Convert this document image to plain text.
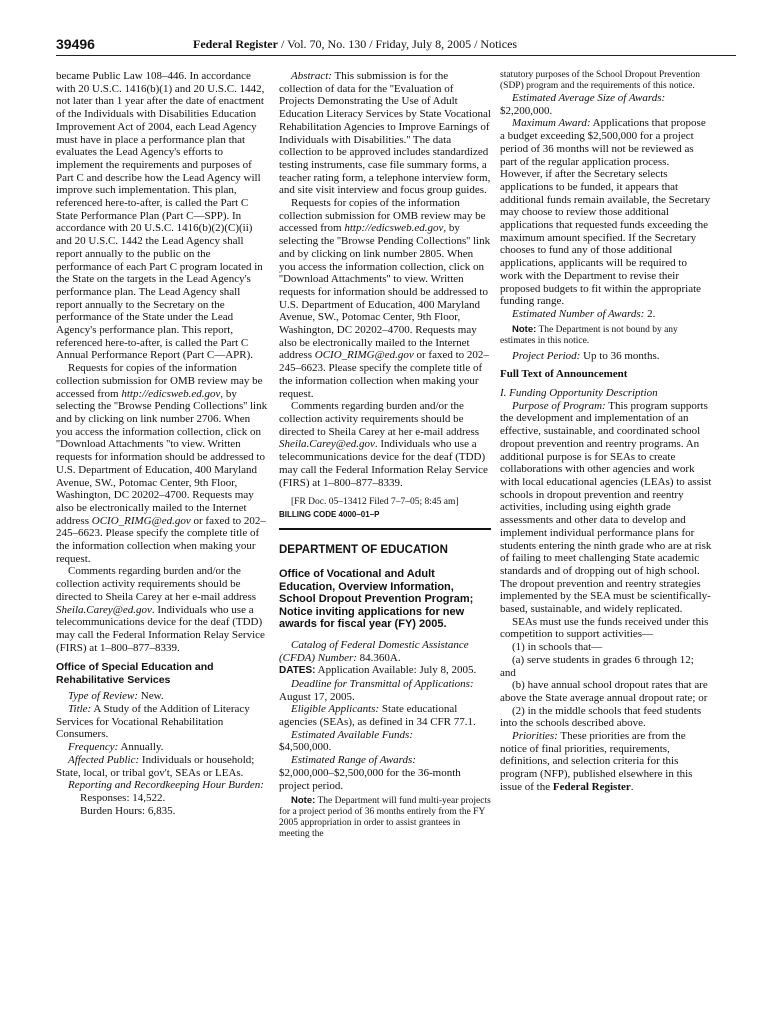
39496	Federal Register / Vol. 70, No. 130 / Friday, July 8, 2005 / Notices

became Public Law 108–446. In accordance with 20 U.S.C. 1416(b)(1) and 20 U.S.C. 1442, not later than 1 year after the date of enactment of the Individuals with Disabilities Education Improvement Act of 2004, each Lead Agency must have in place a performance plan that evaluates the Lead Agency's efforts to implement the requirements and purposes of Part C and describe how the Lead Agency will improve such implementation. This plan, referenced here-to-after, is called the Part C State Performance Plan (Part C—SPP). In accordance with 20 U.S.C. 1416(b)(2)(C)(ii) and 20 U.S.C. 1442 the Lead Agency shall report annually to the public on the performance of each Part C program located in the State on the targets in the Lead Agency's performance plan. The Lead Agency shall report annually to the Secretary on the performance of the State under the Lead Agency's performance plan. This report, referenced here-to-after, is called the Part C Annual Performance Report (Part C—APR).

Requests for copies of the information collection submission for OMB review may be accessed from http://edicsweb.ed.gov, by selecting the ''Browse Pending Collections'' link and by clicking on link number 2706. When you access the information collection, click on ''Download Attachments ''to view. Written requests for information should be addressed to U.S. Department of Education, 400 Maryland Avenue, SW., Potomac Center, 9th Floor, Washington, DC 20202–4700. Requests may also be electronically mailed to the Internet address OCIO_RIMG@ed.gov or faxed to 202–245–6623. Please specify the complete title of the information collection when making your request.

Comments regarding burden and/or the collection activity requirements should be directed to Sheila Carey at her e-mail address Sheila.Carey@ed.gov. Individuals who use a telecommunications device for the deaf (TDD) may call the Federal Information Relay Service (FIRS) at 1–800–877–8339.

Office of Special Education and Rehabilitative Services

Type of Review: New.

Title: A Study of the Addition of Literacy Services for Vocational Rehabilitation Consumers.

Frequency: Annually.

Affected Public: Individuals or household; State, local, or tribal gov't, SEAs or LEAs.

Reporting and Recordkeeping Hour Burden:

Responses: 14,522.

Burden Hours: 6,835.

Abstract: This submission is for the collection of data for the ''Evaluation of Projects Demonstrating the Use of Adult Education Literacy Services by State Vocational Rehabilitation Agencies to Improve Earnings of Individuals with Disabilities.'' The data collection to be approved includes standardized testing instruments, case file summary forms, a teacher rating form, a telephone interview form, and site visit interview and focus group guides.

Requests for copies of the information collection submission for OMB review may be accessed from http://edicsweb.ed.gov, by selecting the ''Browse Pending Collections'' link and by clicking on link number 2805. When you access the information collection, click on ''Download Attachments'' to view. Written requests for information should be addressed to U.S. Department of Education, 400 Maryland Avenue, SW., Potomac Center, 9th Floor, Washington, DC 20202–4700. Requests may also be electronically mailed to the Internet address OCIO_RIMG@ed.gov or faxed to 202–245–6623. Please specify the complete title of the information collection when making your request.

Comments regarding burden and/or the collection activity requirements should be directed to Sheila Carey at her e-mail address Sheila.Carey@ed.gov. Individuals who use a telecommunications device for the deaf (TDD) may call the Federal Information Relay Service (FIRS) at 1–800–877–8339.

[FR Doc. 05–13412 Filed 7–7–05; 8:45 am]

BILLING CODE 4000–01–P

DEPARTMENT OF EDUCATION

Office of Vocational and Adult Education, Overview Information, School Dropout Prevention Program; Notice inviting applications for new awards for fiscal year (FY) 2005.

Catalog of Federal Domestic Assistance (CFDA) Number: 84.360A.

DATES: Application Available: July 8, 2005.

Deadline for Transmittal of Applications: August 17, 2005.

Eligible Applicants: State educational agencies (SEAs), as defined in 34 CFR 77.1.

Estimated Available Funds:

$4,500,000.

Estimated Range of Awards:

$2,000,000–$2,500,000 for the 36-month project period.

Note: The Department will fund multi-year projects for a project period of 36 months entirely from the FY 2005 appropriation in order to assist grantees in meeting the

statutory purposes of the School Dropout Prevention (SDP) program and the requirements of this notice.

Estimated Average Size of Awards:

$2,200,000.

Maximum Award: Applications that propose a budget exceeding $2,500,000 for a project period of 36 months will not be reviewed as part of the regular application process. However, if after the Secretary selects applications to be funded, it appears that additional funds remain available, the Secretary may choose to review those additional applications that requested funds exceeding the maximum amount specified. If the Secretary chooses to fund any of those additional applications, applicants will be required to work with the Department to revise their proposed budgets to fit within the appropriate funding range.

Estimated Number of Awards: 2.

Note: The Department is not bound by any estimates in this notice.

Project Period: Up to 36 months.

Full Text of Announcement

I. Funding Opportunity Description

Purpose of Program: This program supports the development and implementation of an effective, sustainable, and coordinated school dropout prevention and reentry programs. An additional purpose is for SEAs to create collaborations with other agencies and work with local educational agencies (LEAs) to assist schools in dropout prevention and reentry activities, including using eighth grade assessments and other data to develop and implement individual performance plans for students entering the ninth grade who are at risk of failing to meet challenging State academic standards and of dropping out of high school. The dropout prevention and reentry strategies implemented by the SEA must be scientifically-based, sustainable, and widely replicated.

SEAs must use the funds received under this competition to support activities—

(1) in schools that—

(a) serve students in grades 6 through 12; and

(b) have annual school dropout rates that are above the State average annual dropout rate; or

(2) in the middle schools that feed students into the schools described above.

Priorities: These priorities are from the notice of final priorities, requirements, definitions, and selection criteria for this program (NFP), published elsewhere in this issue of the Federal Register.
